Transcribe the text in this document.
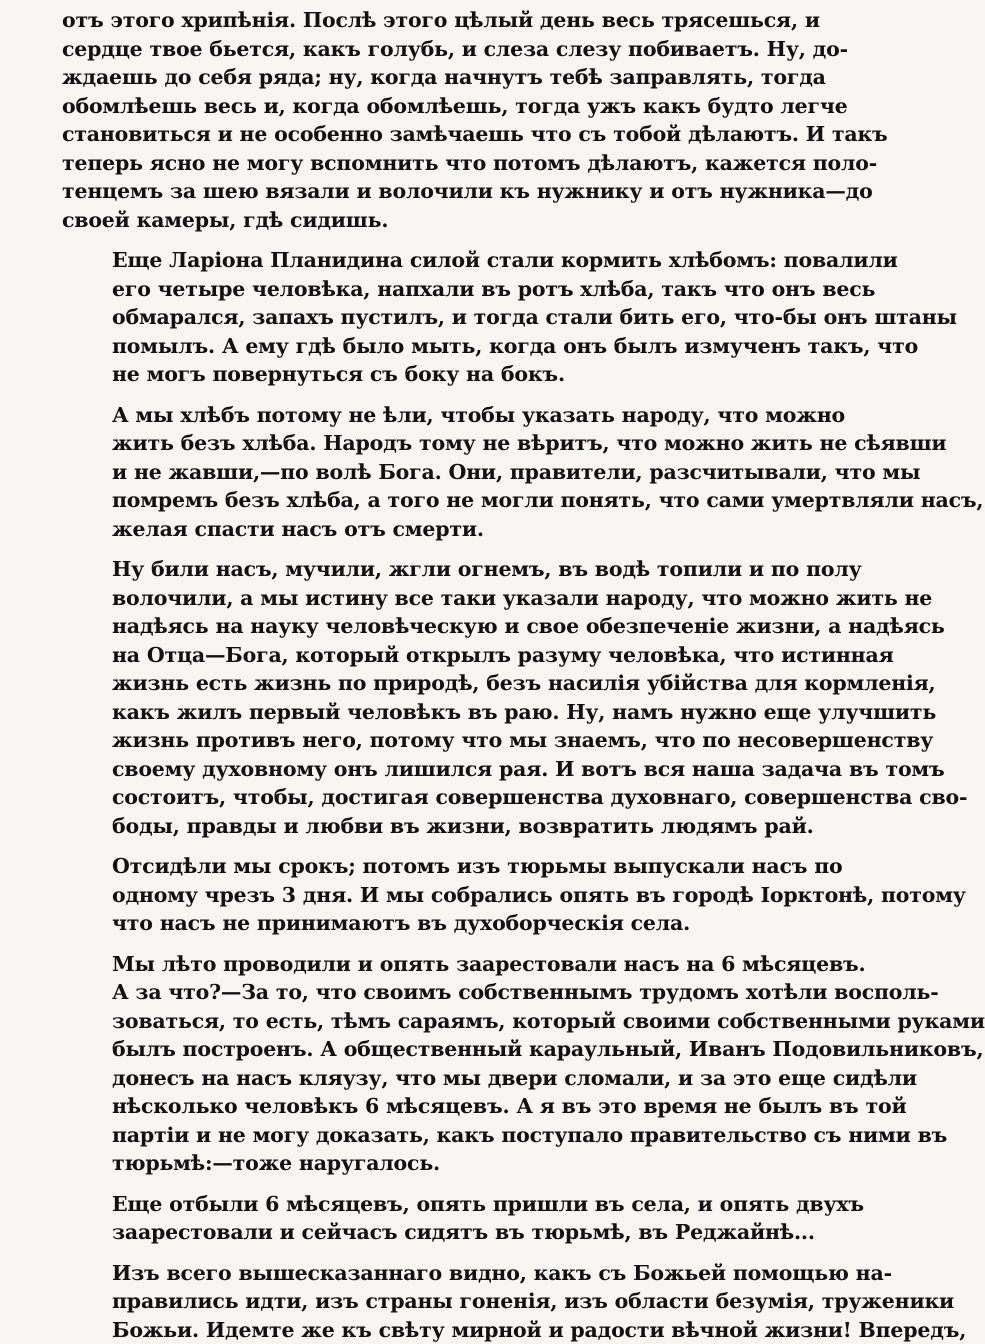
отъ этого хрипѣнія. Послѣ этого цѣлый день весь трясешься, и
сердце твое бьется, какъ голубь, и слеза слезу побиваетъ. Ну, до-
ждаешь до себя ряда; ну, когда начнутъ тебѣ заправлять, тогда
обомлѣешь весь и, когда обомлѣешь, тогда ужъ какъ будто легче
становиться и не особенно замѣчаешь что съ тобой дѣлаютъ. И такъ
теперь ясно не могу вспомнить что потомъ дѣлаютъ, кажется поло-
тенцемъ за шею вязали и волочили къ нужнику и отъ нужника—до
своей камеры, гдѣ сидишь.

Еще Ларіона Планидина силой стали кормить хлѣбомъ: повалили
его четыре человѣка, напхали въ ротъ хлѣба, такъ что онъ весь
обмарался, запахъ пустилъ, и тогда стали бить его, что-бы онъ штаны
помылъ. А ему гдѣ было мыть, когда онъ былъ измученъ такъ, что
не могъ повернуться съ боку на бокъ.

А мы хлѣбъ потому не ѣли, чтобы указать народу, что можно
жить безъ хлѣба. Народъ тому не вѣритъ, что можно жить не сѣявши
и не жавши,—по волѣ Бога. Они, правители, разсчитывали, что мы
помремъ безъ хлѣба, а того не могли понять, что сами умертвляли насъ,
желая спасти насъ отъ смерти.

Ну били насъ, мучили, жгли огнемъ, въ водѣ топили и по полу
волочили, а мы истину все таки указали народу, что можно жить не
надѣясь на науку человѣческую и свое обезпеченіе жизни, а надѣясь
на Отца—Бога, который открылъ разуму человѣка, что истинная
жизнь есть жизнь по природѣ, безъ насилія убійства для кормленія,
какъ жилъ первый человѣкъ въ раю. Ну, намъ нужно еще улучшить
жизнь противъ него, потому что мы знаемъ, что по несовершенству
своему духовному онъ лишился рая. И вотъ вся наша задача въ томъ
состоитъ, чтобы, достигая совершенства духовнаго, совершенства сво-
боды, правды и любви въ жизни, возвратить людямъ рай.

Отсидѣли мы срокъ; потомъ изъ тюрьмы выпускали насъ по
одному чрезъ 3 дня. И мы собрались опять въ городѣ Іорктонѣ, потому
что насъ не принимаютъ въ духоборческія села.

Мы лѣто проводили и опять заарестовали насъ на 6 мѣсяцевъ.
А за что?—За то, что своимъ собственнымъ трудомъ хотѣли восполь-
зоваться, то есть, тѣмъ сараямъ, который своими собственными руками
былъ построенъ. А общественный караульный, Иванъ Подовильниковъ,
донесъ на насъ кляузу, что мы двери сломали, и за это еще сидѣли
нѣсколько человѣкъ 6 мѣсяцевъ. А я въ это время не былъ въ той
партіи и не могу доказать, какъ поступало правительство съ ними въ
тюрьмѣ:—тоже наругалось.

Еще отбыли 6 мѣсяцевъ, опять пришли въ села, и опять двухъ
заарестовали и сейчасъ сидятъ въ тюрьмѣ, въ Реджайнѣ...

Изъ всего вышесказаннаго видно, какъ съ Божьей помощью на-
правились идти, изъ страны гоненія, изъ области безумія, труженики
Божьи. Идемте же къ свѣту мирной и радости вѣчной жизни! Впередъ,
